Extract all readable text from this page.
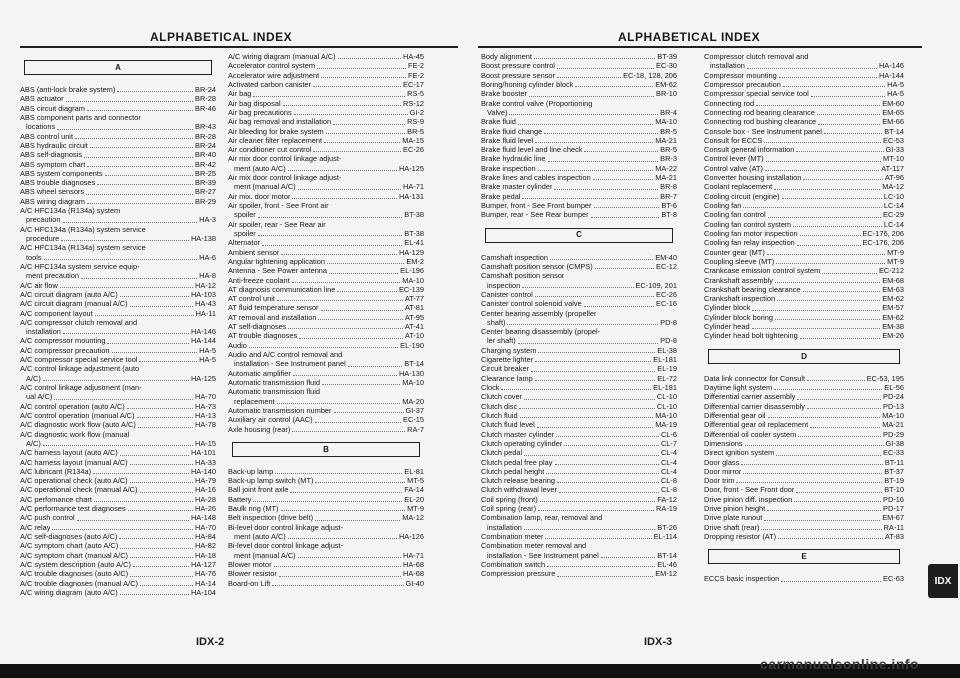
ALPHABETICAL INDEX
A
ABS (anti-lock brake system)	BR-24
ABS actuator	BR-28
ABS circuit diagram	BR-46
ABS component parts and connector
locations	BR-43
ABS control unit	BR-28
ABS hydraulic circuit	BR-24
ABS self-diagnosis	BR-40
ABS symptom chart	BR-42
ABS system components	BR-25
ABS trouble diagnoses	BR-39
ABS wheel sensors	BR-27
ABS wiring diagram	BR-29
A/C HFC134a (R134a) system
precaution	HA-3
A/C HFC134a (R134a) system service
procedure	HA-138
A/C HFC134a (R134a) system service
tools	HA-6
A/C HFC134a system service equip-
ment precaution	HA-8
A/C air flow	HA-12
A/C circuit diagram (auto A/C)	HA-103
A/C circuit diagram (manual A/C)	HA-43
A/C component layout	HA-11
A/C compressor clutch removal and
installation	HA-146
A/C compressor mounting	HA-144
A/C compressor precaution	HA-5
A/C compressor special service tool	HA-5
A/C control linkage adjustment (auto
A/C)	HA-125
A/C control linkage adjustment (man-
ual A/C)	HA-70
A/C control operation (auto A/C)	HA-73
A/C control operation (manual A/C)	HA-13
A/C diagnostic work flow (auto A/C)	HA-78
A/C diagnostic work flow (manual
A/C)	HA-15
A/C harness layout (auto A/C)	HA-101
A/C harness layout (manual A/C)	HA-33
A/C lubricant (R134a)	HA-140
A/C operational check (auto A/C)	HA-79
A/C operational check (manual A/C)	HA-16
A/C perfomance chart	HA-28
A/C performance test diagnoses	HA-26
A/C push control	HA-148
A/C relay	HA-70
A/C self-diagnoses (auto A/C)	HA-84
A/C symptom chart (auto A/C)	HA-82
A/C symptom chart (manual A/C)	HA-18
A/C system description (auto A/C)	HA-127
A/C trouble diagnoses (auto A/C)	HA-76
A/C trouble diagnoses (manual A/C)	HA-14
A/C wiring diagram (auto A/C)	HA-104
A/C wiring diagram (manual A/C)	HA-45
Accelerator control system	FE-2
Accelerator wire adjustment	FE-2
Activated carbon canister	EC-17
Air bag	RS-5
Air bag disposal	RS-12
Air bag precautions	GI-2
Air bag removal and installation	RS-9
Air bleeding for brake system	BR-5
Air cleaner filter replacement	MA-15
Air conditioner cut control	EC-26
Air mix door control linkage adjust-
ment (auto A/C)	HA-125
Air mix door control linkage adjust-
ment (manual A/C)	HA-71
Air mix. door motor	HA-131
Air spoiler, front - See Front air
spoiler	BT-38
Air spoiler, rear - See Rear air
spoiler	BT-38
Alternator	EL-41
Ambient sensor	HA-129
Angular tightening application	EM-2
Antenna - See Power antenna	EL-196
Anti-freeze coolant	MA-10
AT diagnosis communication line	EC-139
AT control unit	AT-77
AT fluid temperature sensor	AT-81
AT removal and installation	AT-95
AT self-diagnoses	AT-41
AT trouble diagnoses	AT-10
Audio	EL-190
Audio and A/C control removal and
installation - See Instrument panel	BT-14
Automatic amplifier	HA-130
Automatic transmission fluid	MA-10
Automatic transmission fluid
replacement	MA-20
Automatic transmission number	GI-37
Auxiliary air control (AAC)	EC-15
Axle housing (rear)	RA-7
B
Back-up lamp	EL-81
Back-up lamp switch (MT)	MT-5
Ball joint front axle	FA-14
Battery	EL-20
Baulk ring (MT)	MT-9
Belt inspection (drive belt)	MA-12
Bi-level door control linkage adjust-
ment (auto A/C)	HA-126
Bi-level door control linkage adjust-
ment (manual A/C)	HA-71
Blower motor	HA-68
Blower resistor	HA-68
Board-on Lift	GI-40
IDX-2
ALPHABETICAL INDEX
Body alignment	BT-39
Boost pressure control	EC-30
Boost pressure sensor	EC-18, 128, 206
Boring/honing cylinder block	EM-62
Brake booster	BR-10
Brake control valve (Proportioning
Valve)	BR-4
Brake fluid	MA-10
Brake fluid change	BR-5
Brake fluid level	MA-21
Brake fluid level and line check	BR-5
Brake hydraulic line	BR-3
Brake inspection	MA-22
Brake lines and cables inspection	MA-21
Brake master cylinder	BR-8
Brake pedal	BR-7
Bumper, front - See Front bumper	BT-6
Bumper, rear - See Rear bumper	BT-8
C
Camshaft inspection	EM-40
Camshaft position sensor (CMPS)	EC-12
Camshaft position sensor
inspection	EC-109, 201
Canister control	EC-26
Canister control solenoid valve	EC-16
Center bearing assembly (propeller
shaft)	PD-8
Center bearing disassembly (propel-
ler shaft)	PD-8
Charging system	EL-38
Cigarette lighter	EL-181
Circuit breaker	EL-19
Clearance lamp	EL-72
Clock	EL-181
Clutch cover	CL-10
Clutch disc	CL-10
Clutch fluid	MA-10
Clutch fluid level	MA-19
Clutch master cylinder	CL-6
Clutch operating cylinder	CL-7
Clutch pedal	CL-4
Clutch pedal free play	CL-4
Clutch pedal height	CL-4
Clutch release bearing	CL-8
Clutch withdrawal lever	CL-8
Coil spring (front)	FA-12
Coil spring (rear)	RA-19
Combination lamp, rear, removal and
installation	BT-26
Combination meter	EL-114
Combination meter removal and
installation - See Instrument panel	BT-14
Combination switch	EL-46
Compression pressure	EM-12
Compressor clutch removal and
installation	HA-146
Compressor mounting	HA-144
Compressor precaution	HA-5
Compressor special service tool	HA-5
Connecting rod	EM-60
Connecting rod bearing clearance	EM-65
Connecting rod bushing clearance	EM-66
Console box - See Instrument panel	BT-14
Consult for ECCS	EC-53
Consult general information	GI-33
Control lever (MT)	MT-10
Control valve (AT)	AT-117
Converter housing installation	AT-96
Coolant replacement	MA-12
Cooling circuit (engine)	LC-10
Cooling fan	LC-14
Cooling fan control	EC-29
Cooling fan control system	LC-14
Cooling fan motor inspection	EC-176, 206
Cooling fan relay inspection	EC-176, 206
Counter gear (MT)	MT-9
Coupling sleeve (MT)	MT-9
Crankcase emission control system	EC-212
Crankshaft assembly	EM-68
Crankshaft bearing clearance	EM-63
Crankshaft inspection	EM-62
Cylinder block	EM-57
Cylinder block boring	EM-62
Cylinder head	EM-38
Cylinder head bolt tightening	EM-26
D
Data link connector for Consult	EC-53, 195
Daytime light system	EL-56
Differential carrier assembly	PD-24
Differential carrier disassembly	PD-13
Differential gear oil	MA-10
Differential gear oil replacement	MA-21
Differential oil cooler system	PD-29
Dimensions	GI-38
Direct ignition system	EC-33
Door glass	BT-11
Door mirror	BT-37
Door trim	BT-19
Door, front - See Front door	BT-10
Drive pinion diff. inspection	PD-16
Drive pinion height	PD-17
Drive plate runout	EM-67
Drive shaft (rear)	RA-11
Dropping resistor (AT)	AT-83
E
ECCS basic inspection	EC-63
IDX-3
IDX
carmanualsonline.info
